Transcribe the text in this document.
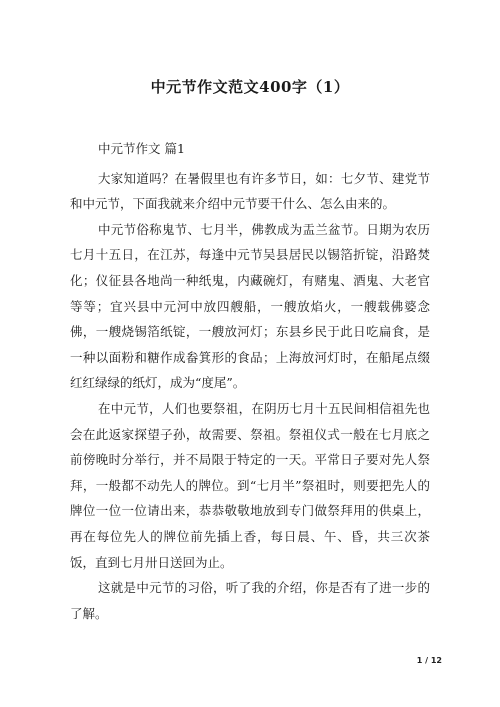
中元节作文范文400字（1）

中元节作文 篇1

大家知道吗？在暑假里也有许多节日，如：七夕节、建党节和中元节，下面我就来介绍中元节要干什么、怎么由来的。

中元节俗称鬼节、七月半，佛教成为盂兰盆节。日期为农历七月十五日，在江苏，每逢中元节吴县居民以锡箔折锭，沿路焚化；仪征县各地尚一种纸鬼，内藏碗灯，有赌鬼、酒鬼、大老官等等；宜兴县中元河中放四艘船，一艘放焰火，一艘载佛婆念佛，一艘烧锡箔纸锭，一艘放河灯；东县乡民于此日吃扁食，是一种以面粉和糖作成畚箕形的食品；上海放河灯时，在船尾点缀红红绿绿的纸灯，成为“度尾”。

在中元节，人们也要祭祖，在阴历七月十五民间相信祖先也会在此返家探望子孙，故需要、祭祖。祭祖仪式一般在七月底之前傍晚时分举行，并不局限于特定的一天。平常日子要对先人祭拜，一般都不动先人的牌位。到“七月半”祭祖时，则要把先人的牌位一位一位请出来，恭恭敬敬地放到专门做祭拜用的供桌上，再在每位先人的牌位前先插上香，每日晨、午、昏，共三次茶饭，直到七月卅日送回为止。

这就是中元节的习俗，听了我的介绍，你是否有了进一步的了解。

1 / 12
